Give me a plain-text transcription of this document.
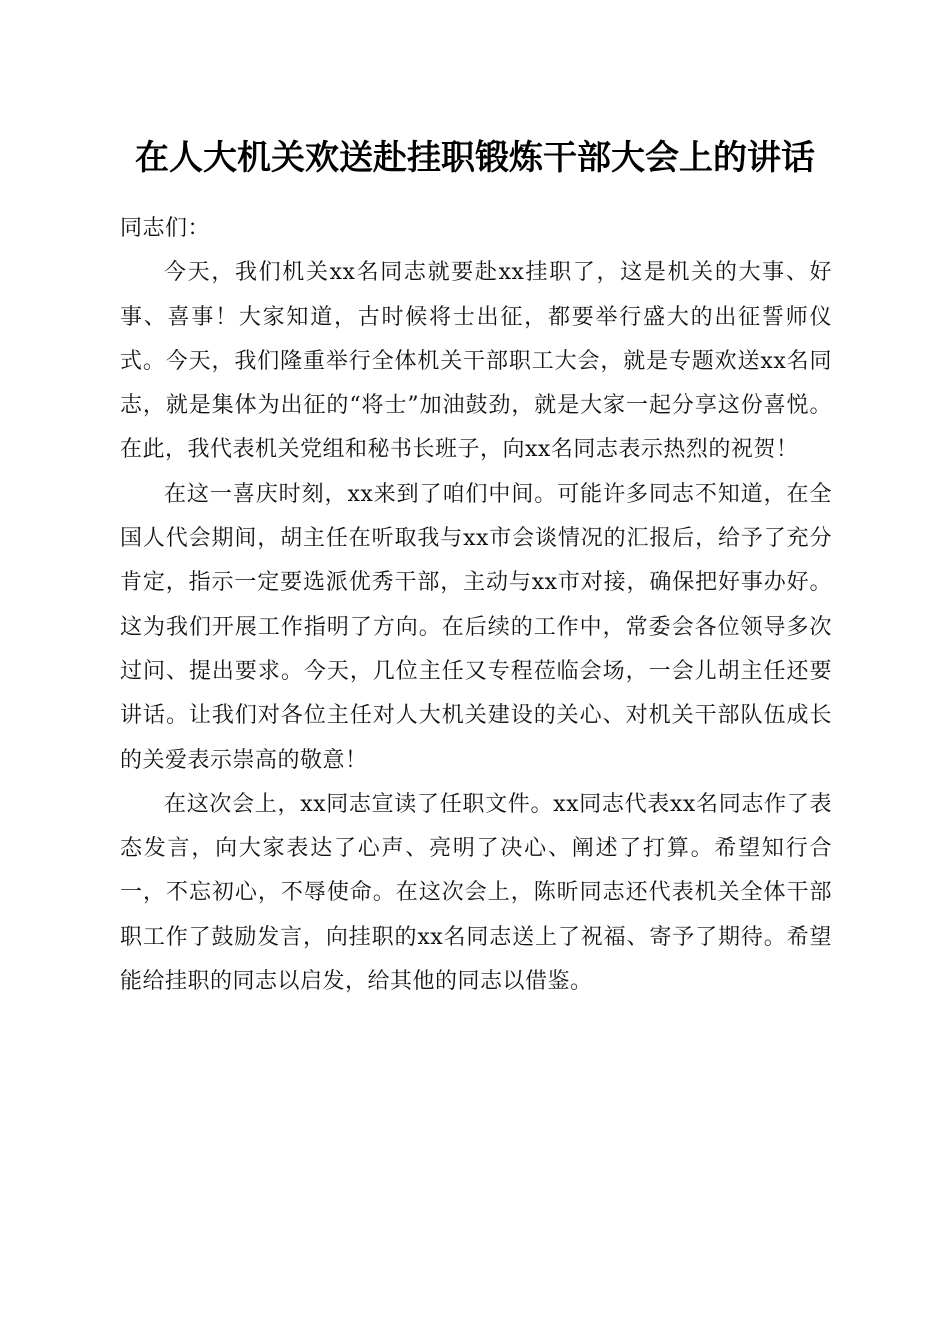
在人大机关欢送赴挂职锻炼干部大会上的讲话

同志们：

今天，我们机关xx名同志就要赴xx挂职了，这是机关的大事、好事、喜事！大家知道，古时候将士出征，都要举行盛大的出征誓师仪式。今天，我们隆重举行全体机关干部职工大会，就是专题欢送xx名同志，就是集体为出征的“将士”加油鼓劲，就是大家一起分享这份喜悦。在此，我代表机关党组和秘书长班子，向xx名同志表示热烈的祝贺！

在这一喜庆时刻，xx来到了咱们中间。可能许多同志不知道，在全国人代会期间，胡主任在听取我与xx市会谈情况的汇报后，给予了充分肯定，指示一定要选派优秀干部，主动与xx市对接，确保把好事办好。这为我们开展工作指明了方向。在后续的工作中，常委会各位领导多次过问、提出要求。今天，几位主任又专程莅临会场，一会儿胡主任还要讲话。让我们对各位主任对人大机关建设的关心、对机关干部队伍成长的关爱表示崇高的敬意！

在这次会上，xx同志宣读了任职文件。xx同志代表xx名同志作了表态发言，向大家表达了心声、亮明了决心、阐述了打算。希望知行合一，不忘初心，不辱使命。在这次会上，陈昕同志还代表机关全体干部职工作了鼓励发言，向挂职的xx名同志送上了祝福、寄予了期待。希望能给挂职的同志以启发，给其他的同志以借鉴。
